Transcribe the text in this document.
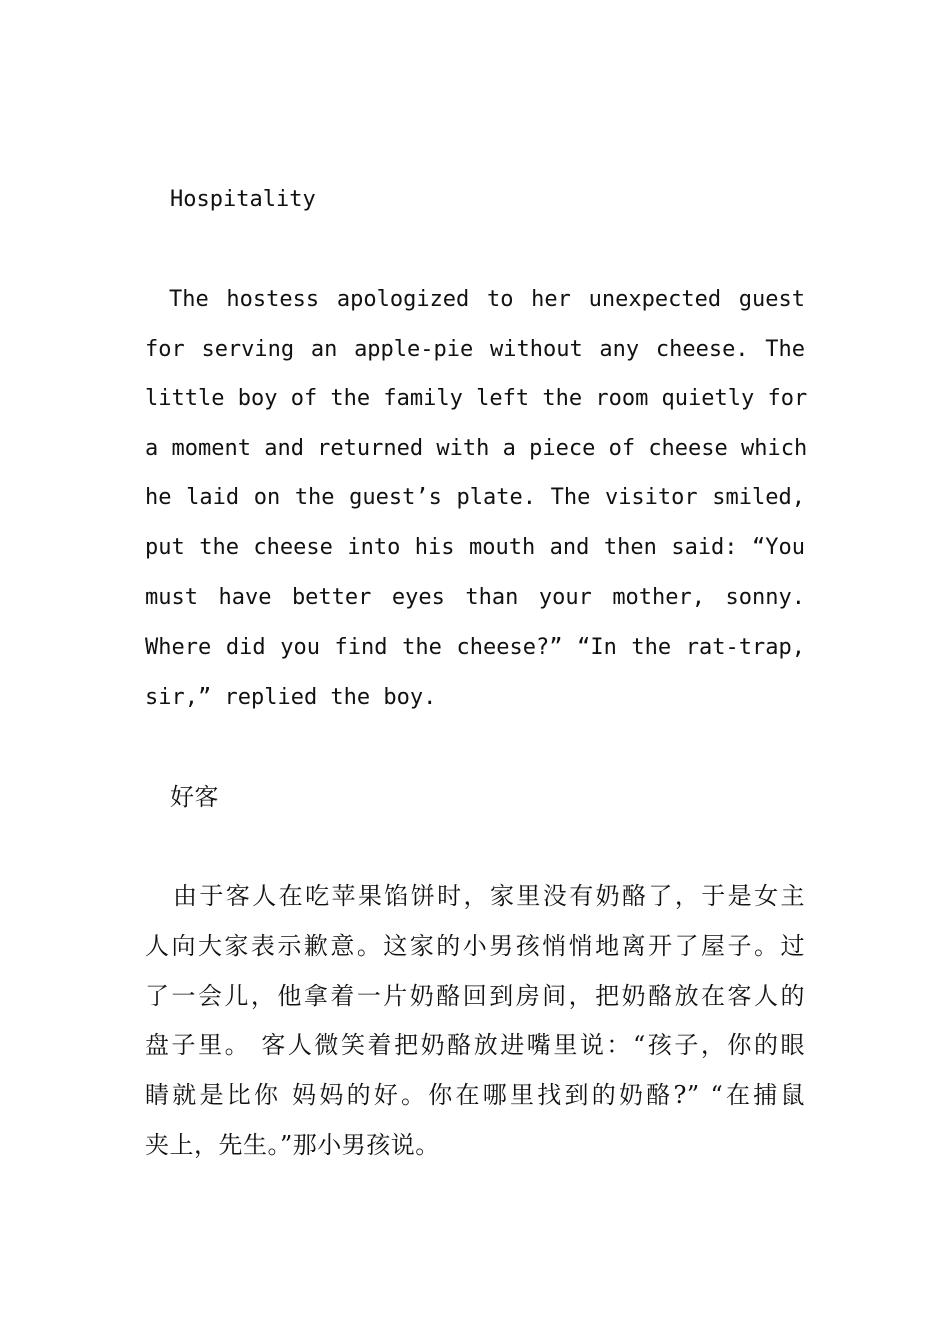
Hospitality
The hostess apologized to her unexpected guest
for serving an apple-pie without any cheese. The
little boy of the family left the room quietly for
a moment and returned with a piece of cheese which
he laid on the guest’s plate. The visitor smiled,
put the cheese into his mouth and then said: “You
must have better eyes than your mother, sonny.
Where did you find the cheese?” “In the rat-trap,
sir,” replied the boy.
好客
由于客人在吃苹果馅饼时，家里没有奶酪了，于是女主
人向大家表示歉意。这家的小男孩悄悄地离开了屋子。过
了一会儿，他拿着一片奶酪回到房间，把奶酪放在客人的
盘子里。 客人微笑着把奶酪放进嘴里说：“孩子，你的眼
睛就是比你 妈妈的好。你在哪里找到的奶酪?” “在捕鼠
夹上，先生。”那小男孩说。
